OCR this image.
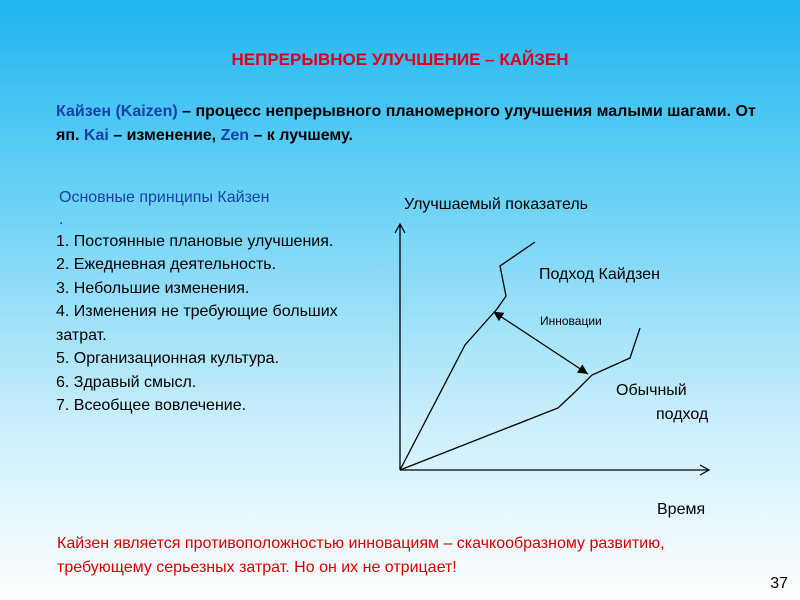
НЕПРЕРЫВНОЕ УЛУЧШЕНИЕ – КАЙЗЕН
Кайзен (Kaizen) – процесс непрерывного планомерного улучшения малыми шагами. От яп. Kai – изменение, Zen – к лучшему.
Основные принципы Кайзен
.
1. Постоянные плановые улучшения.
2. Ежедневная деятельность.
3. Небольшие изменения.
4. Изменения не требующие больших затрат.
5. Организационная культура.
6. Здравый смысл.
7. Всеобщее вовлечение.
Улучшаемый показатель
Подход Кайдзен
Инновации
Обычный
подход
Время
Кайзен является противоположностью инновациям – скачкообразному развитию, требующему серьезных затрат. Но он их не отрицает!
37
